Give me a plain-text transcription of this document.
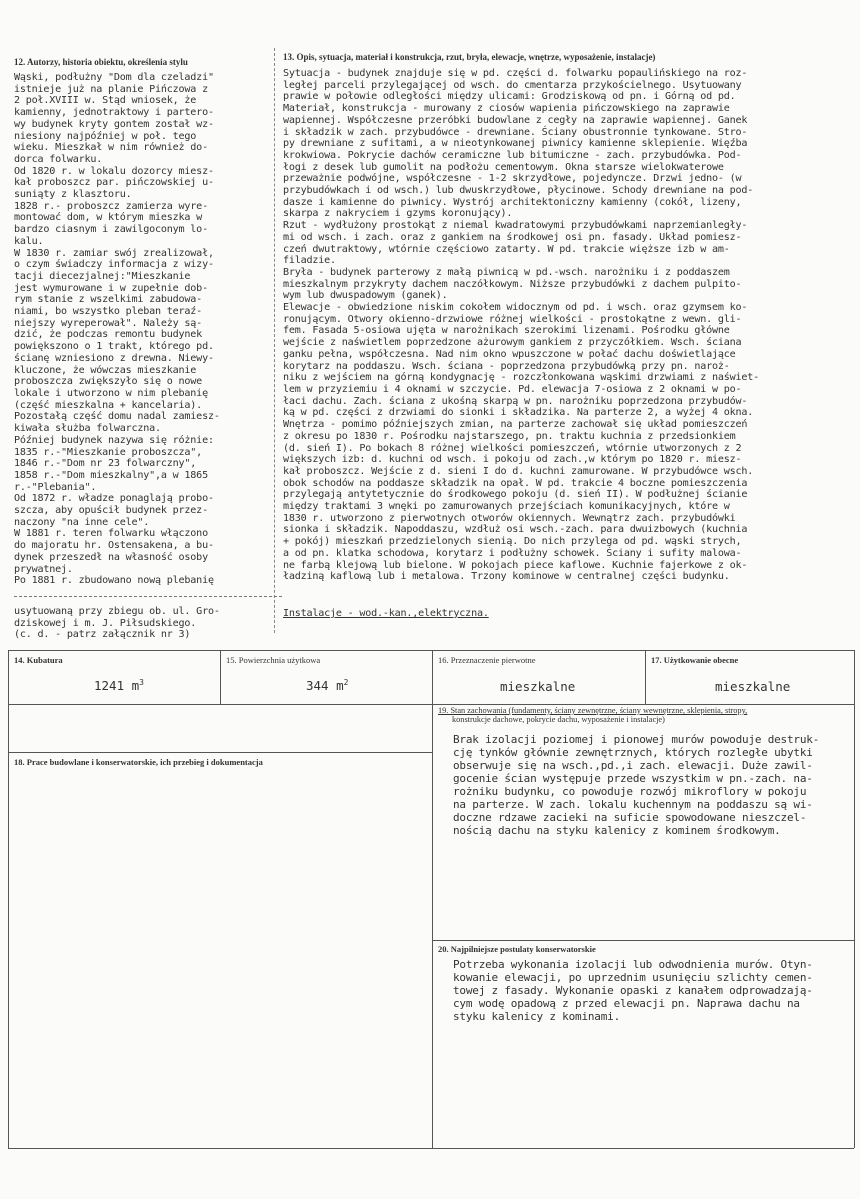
12. Autorzy, historia obiektu, określenia stylu	13. Opis, sytuacja, materiał i konstrukcja, rzut, bryła, elewacje, wnętrze, wyposażenie, instalacje)
Wąski, podłużny "Dom dla czeladzi"
istnieje już na planie Pińczowa z
2 poł.XVIII w. Stąd wniosek, że
kamienny, jednotraktowy i partero-
wy budynek kryty gontem został wz-
niesiony najpóźniej w poł. tego
wieku. Mieszkał w nim również do-
dorca folwarku.
Od 1820 r. w lokalu dozorcy miesz-
kał proboszcz par. pińczowskiej u-
suniąty z klasztoru.
1828 r.- proboszcz zamierza wyre-
montować dom, w którym mieszka w
bardzo ciasnym i zawilgoconym lo-
kalu.
W 1830 r. zamiar swój zrealizował,
o czym świadczy informacja z wizy-
tacji diecezjalnej:"Mieszkanie
jest wymurowane i w zupełnie dob-
rym stanie z wszelkimi zabudowa-
niami, bo wszystko pleban teraź-
niejszy wyreperował". Należy są-
dzić, że podczas remontu budynek
powiększono o 1 trakt, którego pd.
ścianę wzniesiono z drewna. Niewy-
kluczone, że wówczas mieszkanie
proboszcza zwiększyło się o nowe
lokale i utworzono w nim plebanię
(część mieszkalna + kancelaria).
Pozostałą część domu nadal zamiesz-
kiwała służba folwarczna.
Później budynek nazywa się różnie:
1835 r.-"Mieszkanie proboszcza",
1846 r.-"Dom nr 23 folwarczny",
1858 r.-"Dom mieszkalny",a w 1865
r.-"Plebania".
Od 1872 r. władze ponaglają probo-
szcza, aby opuścił budynek przez-
naczony "na inne cele".
W 1881 r. teren folwarku włączono
do majoratu hr. Ostensakena, a bu-
dynek przeszedł na własność osoby
prywatnej.
Po 1881 r. zbudowano nową plebanię
Sytuacja - budynek znajduje się w pd. części d. folwarku popaulińskiego na roz-
ległej parceli przylegającej od wsch. do cmentarza przykościelnego. Usytuowany
prawie w połowie odległości między ulicami: Grodziskową od pn. i Górną od pd.
Materiał, konstrukcja - murowany z ciosów wapienia pińczowskiego na zaprawie
wapiennej. Współczesne przeróbki budowlane z cegły na zaprawie wapiennej. Ganek
i składzik w zach. przybudówce - drewniane. Ściany obustronnie tynkowane. Stro-
py drewniane z sufitami, a w nieotynkowanej piwnicy kamienne sklepienie. Więźba
krokwiowa. Pokrycie dachów ceramiczne lub bitumiczne - zach. przybudówka. Pod-
łogi z desek lub gumolit na podłożu cementowym. Okna starsze wielokwaterowe
przeważnie podwójne, współczesne - 1-2 skrzydłowe, pojedyncze. Drzwi jedno- (w
przybudówkach i od wsch.) lub dwuskrzydłowe, płycinowe. Schody drewniane na pod-
dasze i kamienne do piwnicy. Wystrój architektoniczny kamienny (cokół, lizeny,
skarpa z nakryciem i gzyms koronujący).
Rzut - wydłużony prostokąt z niemal kwadratowymi przybudówkami naprzemianległy-
mi od wsch. i zach. oraz z gankiem na środkowej osi pn. fasady. Układ pomiesz-
czeń dwutraktowy, wtórnie częściowo zatarty. W pd. trakcie więższe izb w am-
filadzie.
Bryła - budynek parterowy z małą piwnicą w pd.-wsch. narożniku i z poddaszem
mieszkalnym przykryty dachem naczółkowym. Niższe przybudówki z dachem pulpito-
wym lub dwuspadowym (ganek).
Elewacje - obwiedzione niskim cokołem widocznym od pd. i wsch. oraz gzymsem ko-
ronującym. Otwory okienno-drzwiowe różnej wielkości - prostokątne z wewn. gli-
fem. Fasada 5-osiowa ujęta w narożnikach szerokimi lizenami. Pośrodku główne
wejście z naświetlem poprzedzone ażurowym gankiem z przyczółkiem. Wsch. ściana
ganku pełna, współczesna. Nad nim okno wpuszczone w połać dachu doświetlające
korytarz na poddaszu. Wsch. ściana - poprzedzona przybudówką przy pn. naroż-
niku z wejściem na górną kondygnację - rozczłonkowana wąskimi drzwiami z naświet-
lem w przyziemiu i 4 oknami w szczycie. Pd. elewacja 7-osiowa z 2 oknami w po-
łaci dachu. Zach. ściana z ukośną skarpą w pn. narożniku poprzedzona przybudów-
ką w pd. części z drzwiami do sionki i składzika. Na parterze 2, a wyżej 4 okna.
Wnętrza - pomimo późniejszych zmian, na parterze zachował się układ pomieszczeń
z okresu po 1830 r. Pośrodku najstarszego, pn. traktu kuchnia z przedsionkiem
(d. sień I). Po bokach 8 różnej wielkości pomieszczeń, wtórnie utworzonych z 2
większych izb: d. kuchni od wsch. i pokoju od zach.,w którym po 1820 r. miesz-
kał proboszcz. Wejście z d. sieni I do d. kuchni zamurowane. W przybudówce wsch.
obok schodów na poddasze składzik na opał. W pd. trakcie 4 boczne pomieszczenia
przylegają antytetycznie do środkowego pokoju (d. sień II). W podłużnej ścianie
między traktami 3 wnęki po zamurowanych przejściach komunikacyjnych, które w
1830 r. utworzono z pierwotnych otworów okiennych. Wewnątrz zach. przybudówki
sionka i składzik. Napoddaszu, wzdłuż osi wsch.-zach. para dwuizbowych (kuchnia
+ pokój) mieszkań przedzielonych sienią. Do nich przylega od pd. wąski strych,
a od pn. klatka schodowa, korytarz i podłużny schowek. Ściany i sufity malowa-
ne farbą klejową lub bielone. W pokojach piece kaflowe. Kuchnie fajerkowe z ok-
ładziną kaflową lub i metalowa. Trzony kominowe w centralnej części budynku.
usytuowaną przy zbiegu ob. ul. Gro-
dziskowej i m. J. Piłsudskiego.
(c. d. - patrz załącznik nr 3)
Instalacje - wod.-kan.,elektryczna.
14. Kubatura
1241 $m^3$
15. Powierzchnia użytkowa
344 $m^2$
16. Przeznaczenie pierwotne
mieszkalne
17. Użytkowanie obecne
mieszkalne
18. Prace budowlane i konserwatorskie, ich przebieg i dokumentacja
19. Stan zachowania (fundamenty, ściany zewnętrzne, ściany wewnętrzne, sklepienia, stropy,
konstrukcje dachowe, pokrycie dachu, wyposażenie i instalacje)
Brak izolacji poziomej i pionowej murów powoduje destruk-
cję tynków głównie zewnętrznych, których rozległe ubytki
obserwuje się na wsch.,pd.,i zach. elewacji. Duże zawil-
gocenie ścian występuje przede wszystkim w pn.-zach. na-
rożniku budynku, co powoduje rozwój mikroflory w pokoju
na parterze. W zach. lokalu kuchennym na poddaszu są wi-
doczne rdzawe zacieki na suficie spowodowane nieszczel-
nością dachu na styku kalenicy z kominem środkowym.
20. Najpilniejsze postulaty konserwatorskie
Potrzeba wykonania izolacji lub odwodnienia murów. Otyn-
kowanie elewacji, po uprzednim usunięciu szlichty cemen-
towej z fasady. Wykonanie opaski z kanałem odprowadzają-
cym wodę opadową z przed elewacji pn. Naprawa dachu na
styku kalenicy z kominami.
